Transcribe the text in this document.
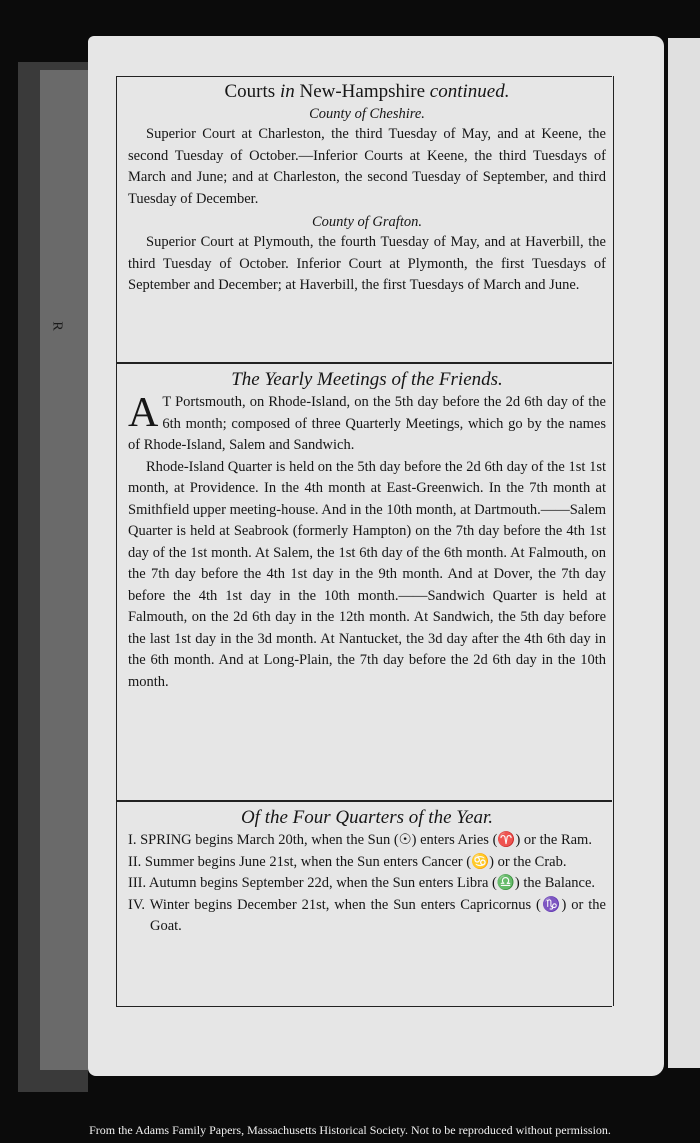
R
Courts in New-Hampshire continued.
County of Cheshire.

Superior Court at Charleston, the third Tuesday of May, and at Keene, the second Tuesday of October.—Inferior Courts at Keene, the third Tuesdays of March and June; and at Charleston, the second Tuesday of September, and third Tuesday of December.

County of Grafton.

Superior Court at Plymouth, the fourth Tuesday of May, and at Haverbill, the third Tuesday of October. Inferior Court at Plymonth, the first Tuesdays of September and December; at Haverbill, the first Tuesdays of March and June.

The Yearly Meetings of the Friends.

A T Portsmouth, on Rhode-Island, on the 5th day before the 2d 6th day of the 6th month; composed of three Quarterly Meetings, which go by the names of Rhode-Island, Salem and Sandwich.

Rhode-Island Quarter is held on the 5th day before the 2d 6th day of the 1st 1st month, at Providence. In the 4th month at East-Greenwich. In the 7th month at Smithfield upper meeting-house. And in the 10th month, at Dartmouth.——Salem Quarter is held at Seabrook (formerly Hampton) on the 7th day before the 4th 1st day of the 1st month. At Salem, the 1st 6th day of the 6th month. At Falmouth, on the 7th day before the 4th 1st day in the 9th month. And at Dover, the 7th day before the 4th 1st day in the 10th month.——Sandwich Quarter is held at Falmouth, on the 2d 6th day in the 12th month. At Sandwich, the 5th day before the last 1st day in the 3d month. At Nantucket, the 3d day after the 4th 6th day in the 6th month. And at Long-Plain, the 7th day before the 2d 6th day in the 10th month.

Of the Four Quarters of the Year.
I. SPRING begins March 20th, when the Sun (☉) enters Aries (♈) or the Ram.
II. Summer begins June 21st, when the Sun enters Cancer (♋) or the Crab.
III. Autumn begins September 22d, when the Sun enters Libra (♎) the Balance.
IV. Winter begins December 21st, when the Sun enters Capricornus (♑) or the Goat.
From the Adams Family Papers, Massachusetts Historical Society. Not to be reproduced without permission.
